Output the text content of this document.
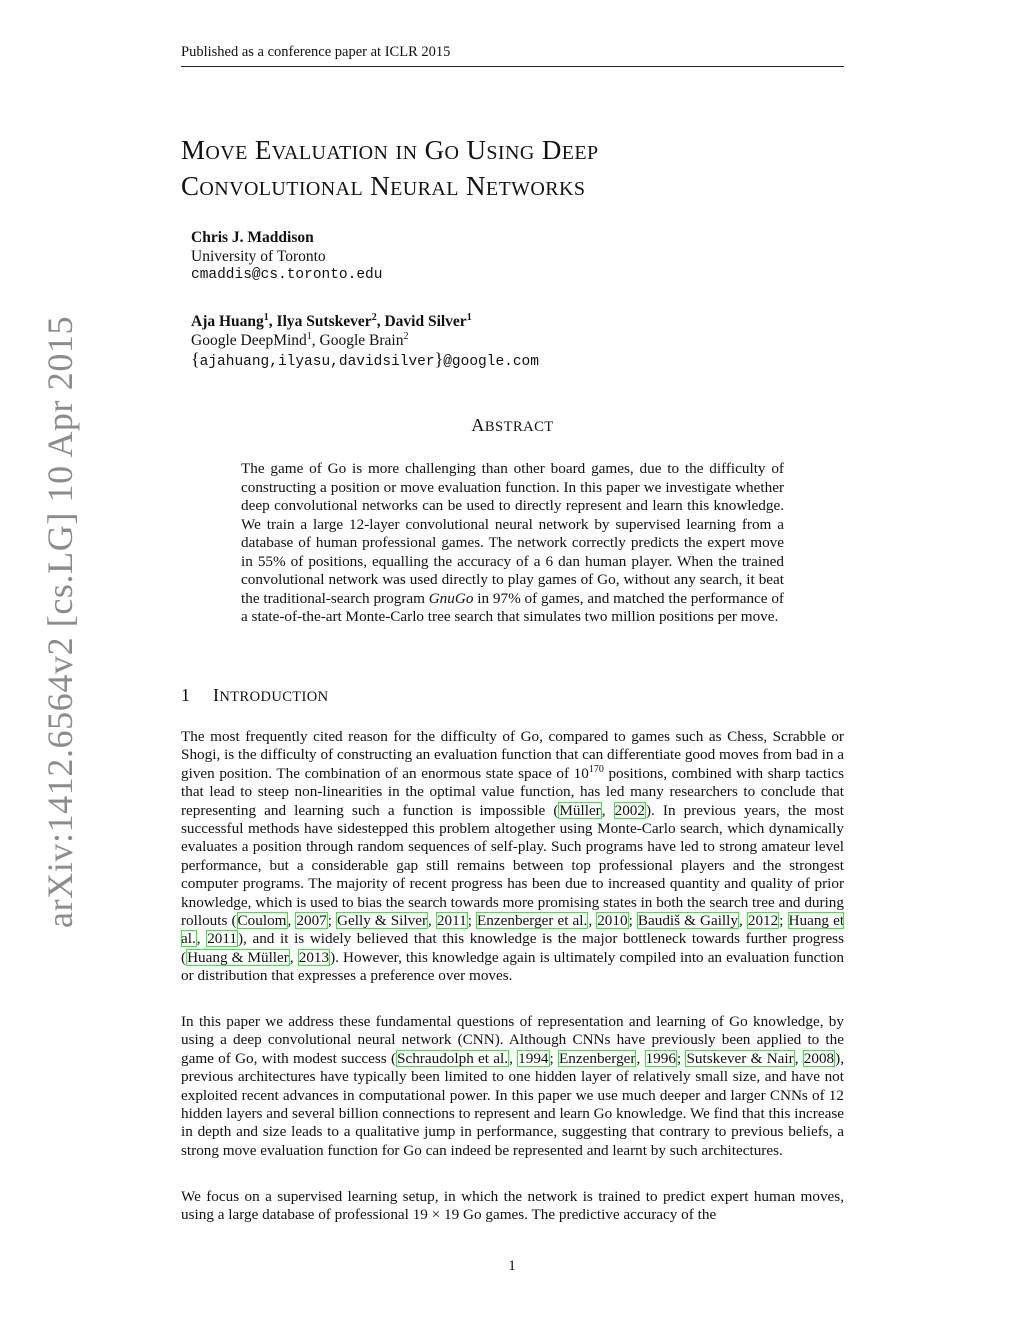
Published as a conference paper at ICLR 2015
MOVE EVALUATION IN GO USING DEEP
CONVOLUTIONAL NEURAL NETWORKS
Chris J. Maddison
University of Toronto
cmaddis@cs.toronto.edu
Aja Huang$^1$, Ilya Sutskever$^2$, David Silver$^1$
Google DeepMind$^1$, Google Brain$^2$
{ajahuang,ilyasu,davidsilver}@google.com
ABSTRACT
The game of Go is more challenging than other board games, due to the difficulty of constructing a position or move evaluation function. In this paper we investigate whether deep convolutional networks can be used to directly represent and learn this knowledge. We train a large 12-layer convolutional neural network by supervised learning from a database of human professional games. The network correctly predicts the expert move in 55% of positions, equalling the accuracy of a 6 dan human player. When the trained convolutional network was used directly to play games of Go, without any search, it beat the traditional-search program GnuGo in 97% of games, and matched the performance of a state-of-the-art Monte-Carlo tree search that simulates two million positions per move.
1 INTRODUCTION

The most frequently cited reason for the difficulty of Go, compared to games such as Chess, Scrabble or Shogi, is the difficulty of constructing an evaluation function that can differentiate good moves from bad in a given position. The combination of an enormous state space of $10^{170}$ positions, combined with sharp tactics that lead to steep non-linearities in the optimal value function, has led many researchers to conclude that representing and learning such a function is impossible (Müller, 2002). In previous years, the most successful methods have sidestepped this problem altogether using Monte-Carlo search, which dynamically evaluates a position through random sequences of self-play. Such programs have led to strong amateur level performance, but a considerable gap still remains between top professional players and the strongest computer programs. The majority of recent progress has been due to increased quantity and quality of prior knowledge, which is used to bias the search towards more promising states in both the search tree and during rollouts (Coulom, 2007; Gelly & Silver, 2011; Enzenberger et al., 2010; Baudiš & Gailly, 2012; Huang et al., 2011), and it is widely believed that this knowledge is the major bottleneck towards further progress (Huang & Müller, 2013). However, this knowledge again is ultimately compiled into an evaluation function or distribution that expresses a preference over moves.

In this paper we address these fundamental questions of representation and learning of Go knowledge, by using a deep convolutional neural network (CNN). Although CNNs have previously been applied to the game of Go, with modest success (Schraudolph et al., 1994; Enzenberger, 1996; Sutskever & Nair, 2008), previous architectures have typically been limited to one hidden layer of relatively small size, and have not exploited recent advances in computational power. In this paper we use much deeper and larger CNNs of 12 hidden layers and several billion connections to represent and learn Go knowledge. We find that this increase in depth and size leads to a qualitative jump in performance, suggesting that contrary to previous beliefs, a strong move evaluation function for Go can indeed be represented and learnt by such architectures.

We focus on a supervised learning setup, in which the network is trained to predict expert human moves, using a large database of professional 19 × 19 Go games. The predictive accuracy of the

arXiv:1412.6564v2 [cs.LG] 10 Apr 2015
1
